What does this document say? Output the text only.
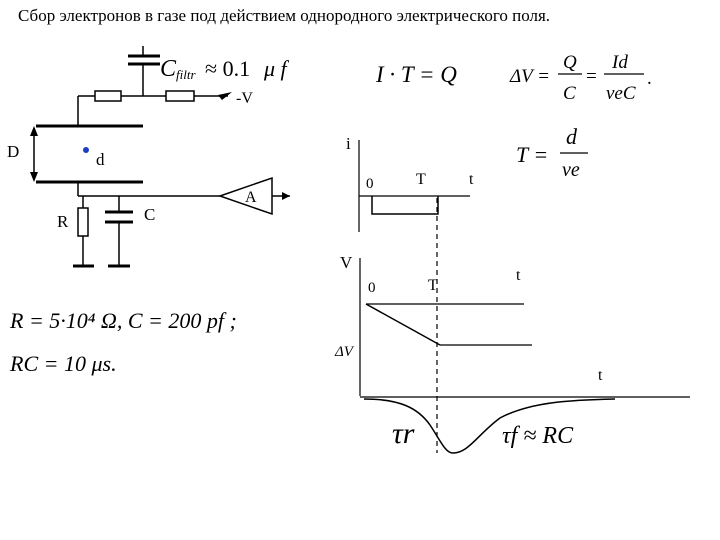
Сбор электронов в газе под действием однородного электрического поля.
C filtr ≈ 0.1 μ f
-V
D	d
R	C
A
I · T = Q	ΔV =
Q
C
=
Id
veC
.
T =
d
ve
R = 5·10⁴ Ω, C = 200 pf ;
RC = 10 μs.
i
0	T	t
V
0	T
t
ΔV
t
τr	τf ≈ RC
